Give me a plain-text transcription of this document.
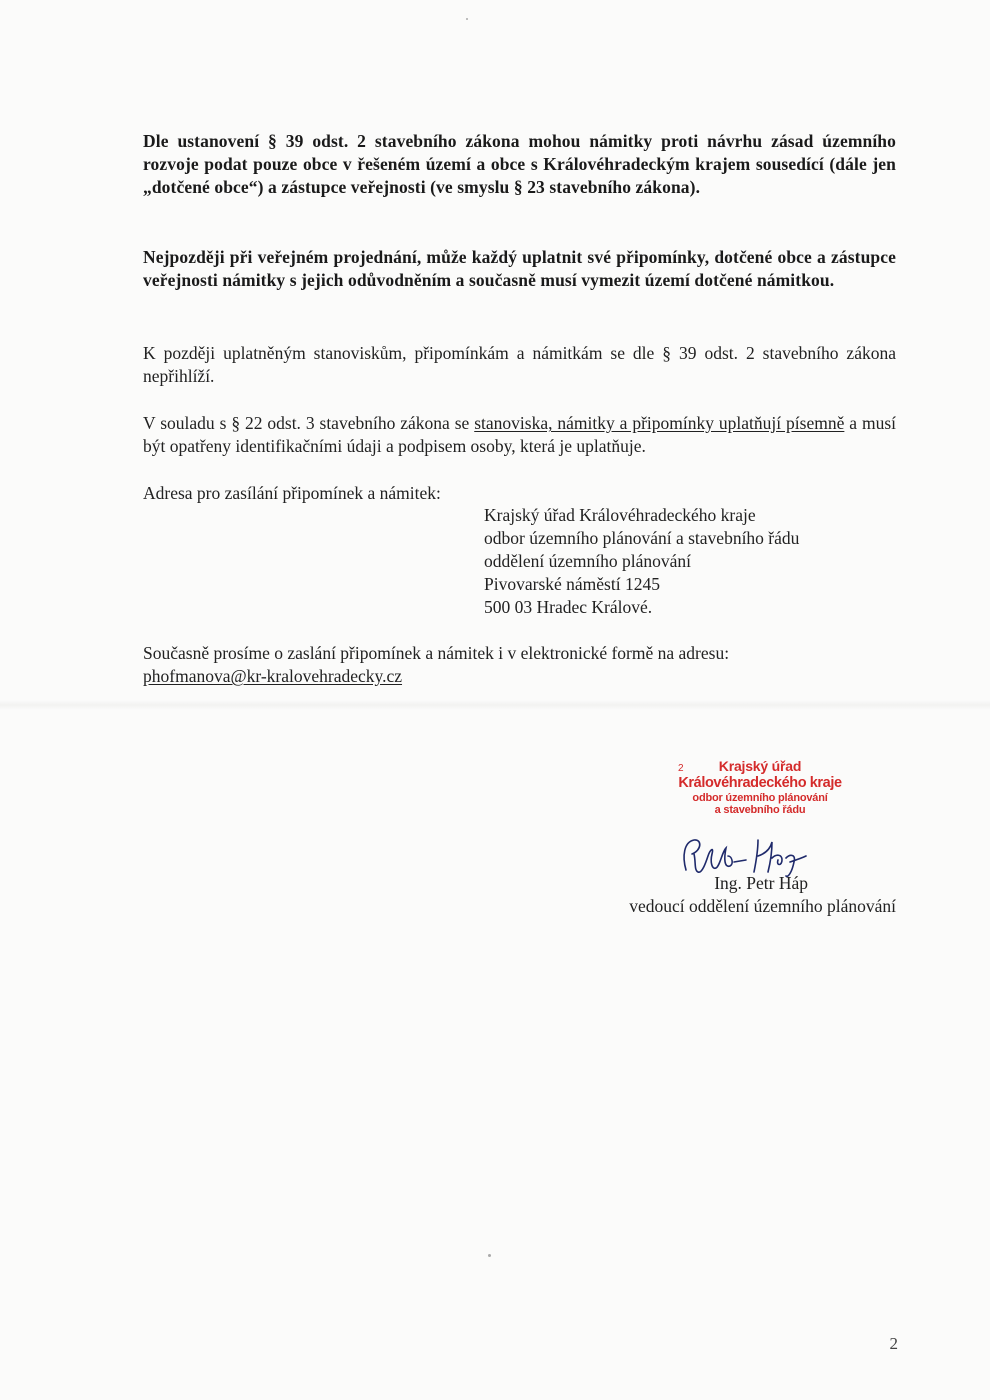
Dle ustanovení § 39 odst. 2 stavebního zákona mohou námitky proti návrhu zásad územního rozvoje podat pouze obce v řešeném území a obce s Královéhradeckým krajem sousedící (dále jen „dotčené obce“) a zástupce veřejnosti (ve smyslu § 23 stavebního zákona).

Nejpozději při veřejném projednání, může každý uplatnit své připomínky, dotčené obce a zástupce veřejnosti námitky s jejich odůvodněním a současně musí vymezit území dotčené námitkou.

K později uplatněným stanoviskům, připomínkám a námitkám se dle § 39 odst. 2 stavebního zákona nepřihlíží.

V souladu s § 22 odst. 3 stavebního zákona se stanoviska, námitky a připomínky uplatňují písemně a musí být opatřeny identifikačními údaji a podpisem osoby, která je uplatňuje.

Adresa pro zasílání připomínek a námitek:

Krajský úřad Královéhradeckého kraje
odbor územního plánování a stavebního řádu
oddělení územního plánování
Pivovarské náměstí 1245
500 03 Hradec Králové.

Současně prosíme o zaslání připomínek a námitek i v elektronické formě na adresu:
phofmanova@kr-kralovehradecky.cz

2	Krajský úřad
Královéhradeckého kraje
odbor územního plánování
a stavebního řádu
Ing. Petr Háp
vedoucí oddělení územního plánování
2
